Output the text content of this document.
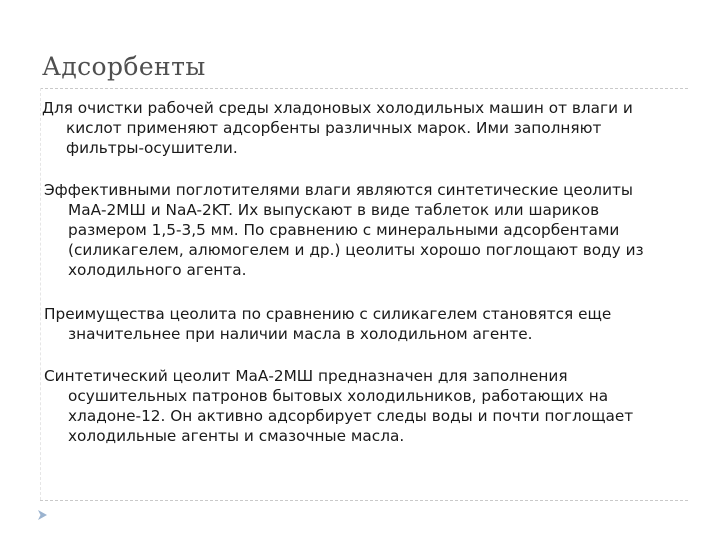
Адсорбенты

Для очистки рабочей среды хладоновых холодильных машин от влаги и кислот применяют адсорбенты различных марок. Ими заполняют фильтры-осушители.

Эффективными поглотителями влаги являются синтетические цеолиты МаА-2МШ и NaA-2KT. Их выпускают в виде таблеток или шариков размером 1,5-3,5 мм. По сравнению с минеральными адсорбентами (силикагелем, алюмогелем и др.) цеолиты хорошо поглощают воду из холодильного агента.

Преимущества цеолита по сравнению с силикагелем становятся еще значительнее при наличии масла в холодильном агенте.

Синтетический цеолит МаА-2МШ предназначен для заполнения осушительных патронов бытовых холодильников, работающих на хладоне-12. Он активно адсорбирует следы воды и почти поглощает холодильные агенты и смазочные масла.
